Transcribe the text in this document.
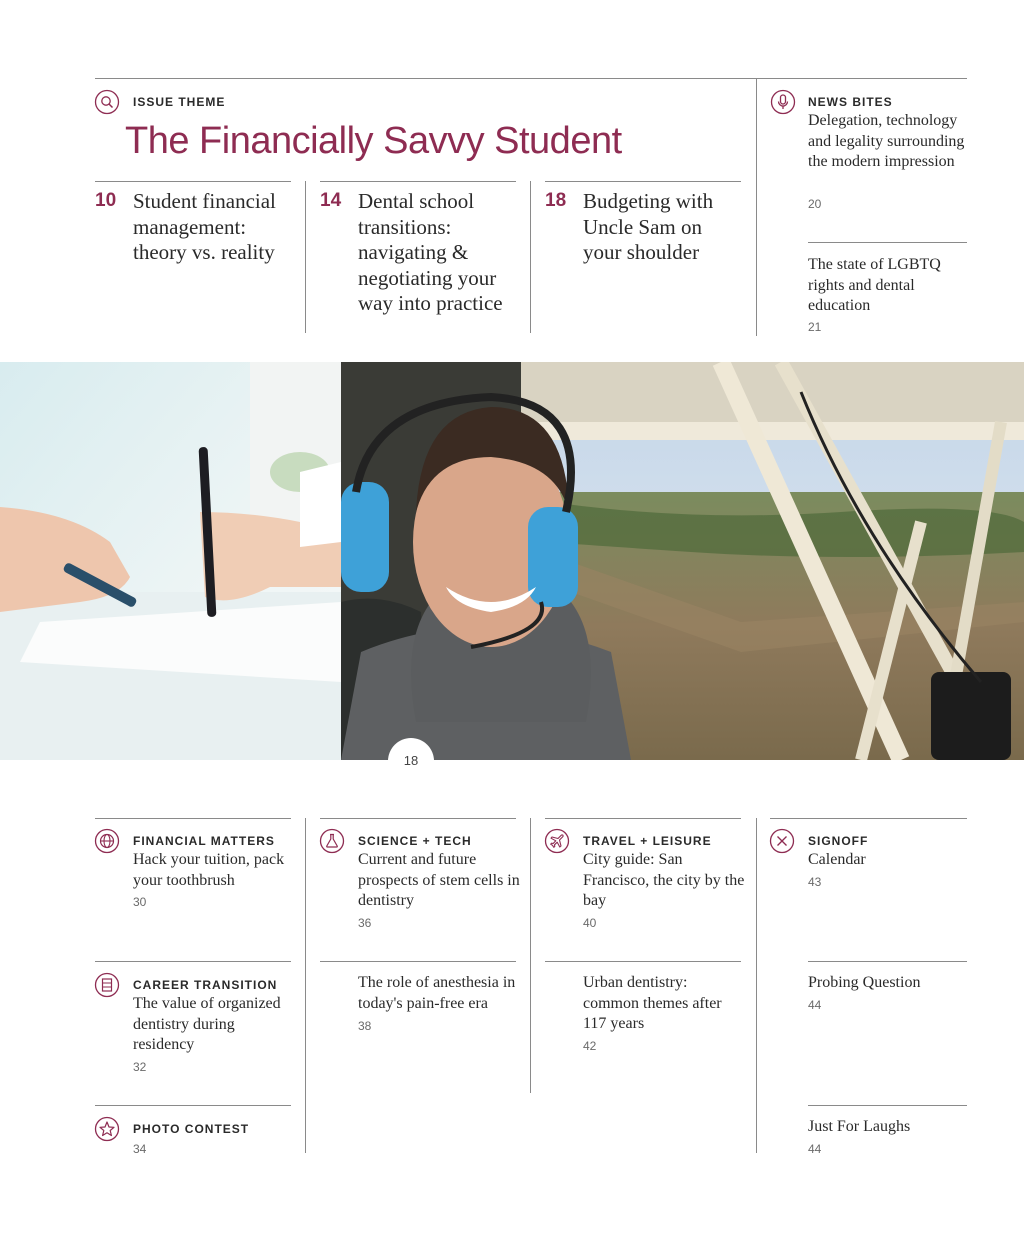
ISSUE THEME
The Financially Savvy Student
10 Student financial management: theory vs. reality
14 Dental school transitions: navigating & negotiating your way into practice
18 Budgeting with Uncle Sam on your shoulder
NEWS BITES
Delegation, technology and legality surrounding the modern impression
20
The state of LGBTQ rights and dental education
21
18
FINANCIAL MATTERS
Hack your tuition, pack your toothbrush
30
CAREER TRANSITION
The value of organized dentistry during residency
32
PHOTO CONTEST
34
SCIENCE + TECH
Current and future prospects of stem cells in dentistry
36
The role of anesthesia in today's pain-free era
38
TRAVEL + LEISURE
City guide: San Francisco, the city by the bay
40
Urban dentistry: common themes after 117 years
42
SIGNOFF
Calendar
43
Probing Question
44
Just For Laughs
44
